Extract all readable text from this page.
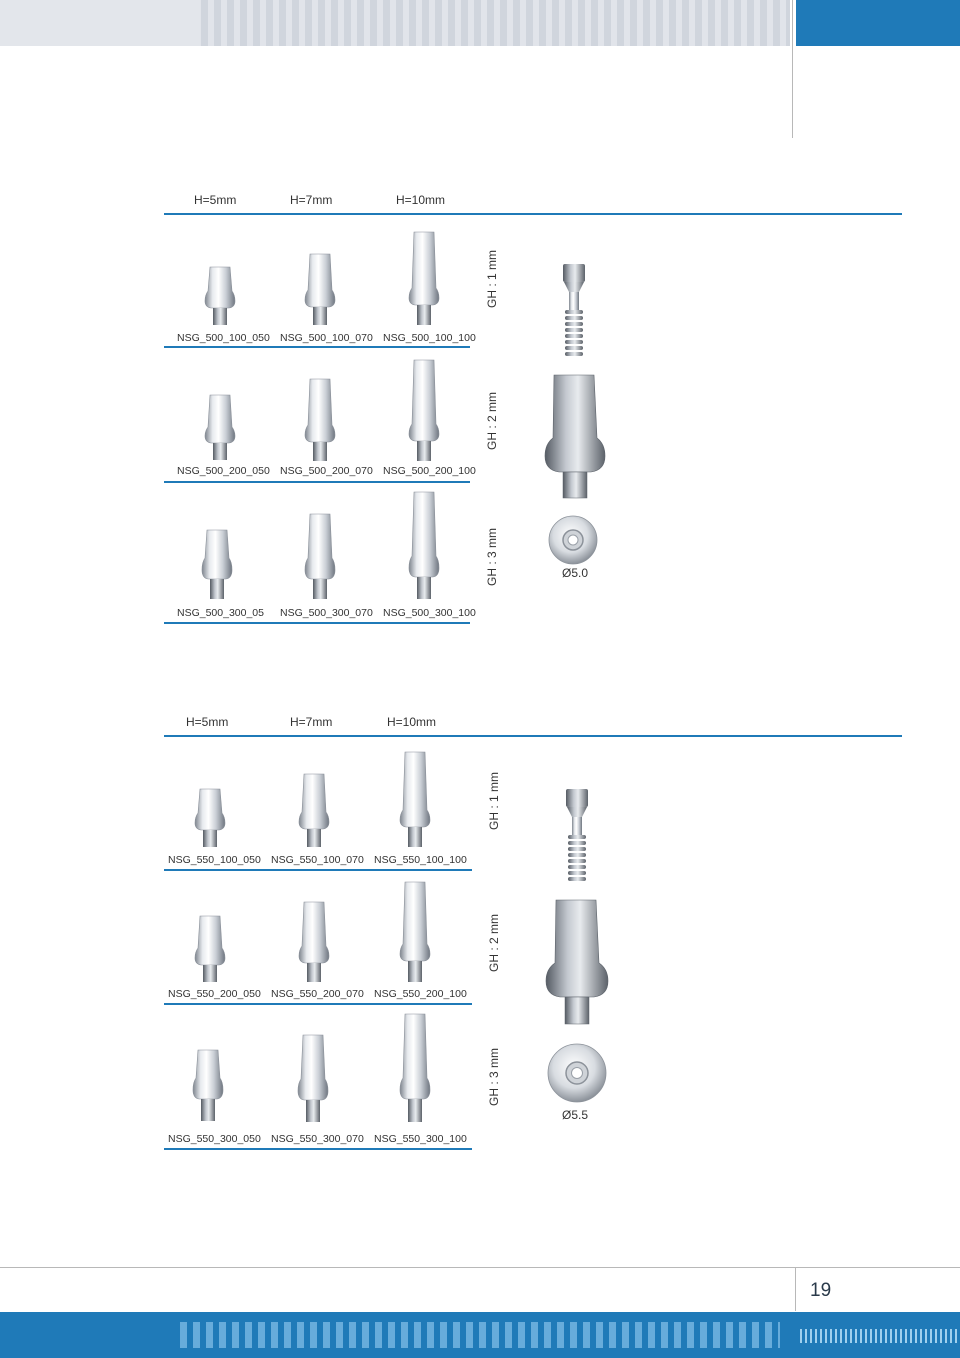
H=5mm	H=7mm	H=10mm
NSG_500_100_050 NSG_500_100_070 NSG_500_100_100
GH : 1 mm
NSG_500_200_050 NSG_500_200_070 NSG_500_200_100
GH : 2 mm
NSG_500_300_05 NSG_500_300_070 NSG_500_300_100
GH : 3 mm	Ø5.0
H=5mm	H=7mm	H=10mm
NSG_550_100_050 NSG_550_100_070 NSG_550_100_100
GH : 1 mm
NSG_550_200_050 NSG_550_200_070 NSG_550_200_100
GH : 2 mm
NSG_550_300_050 NSG_550_300_070 NSG_550_300_100
GH : 3 mm
Ø5.5
19
